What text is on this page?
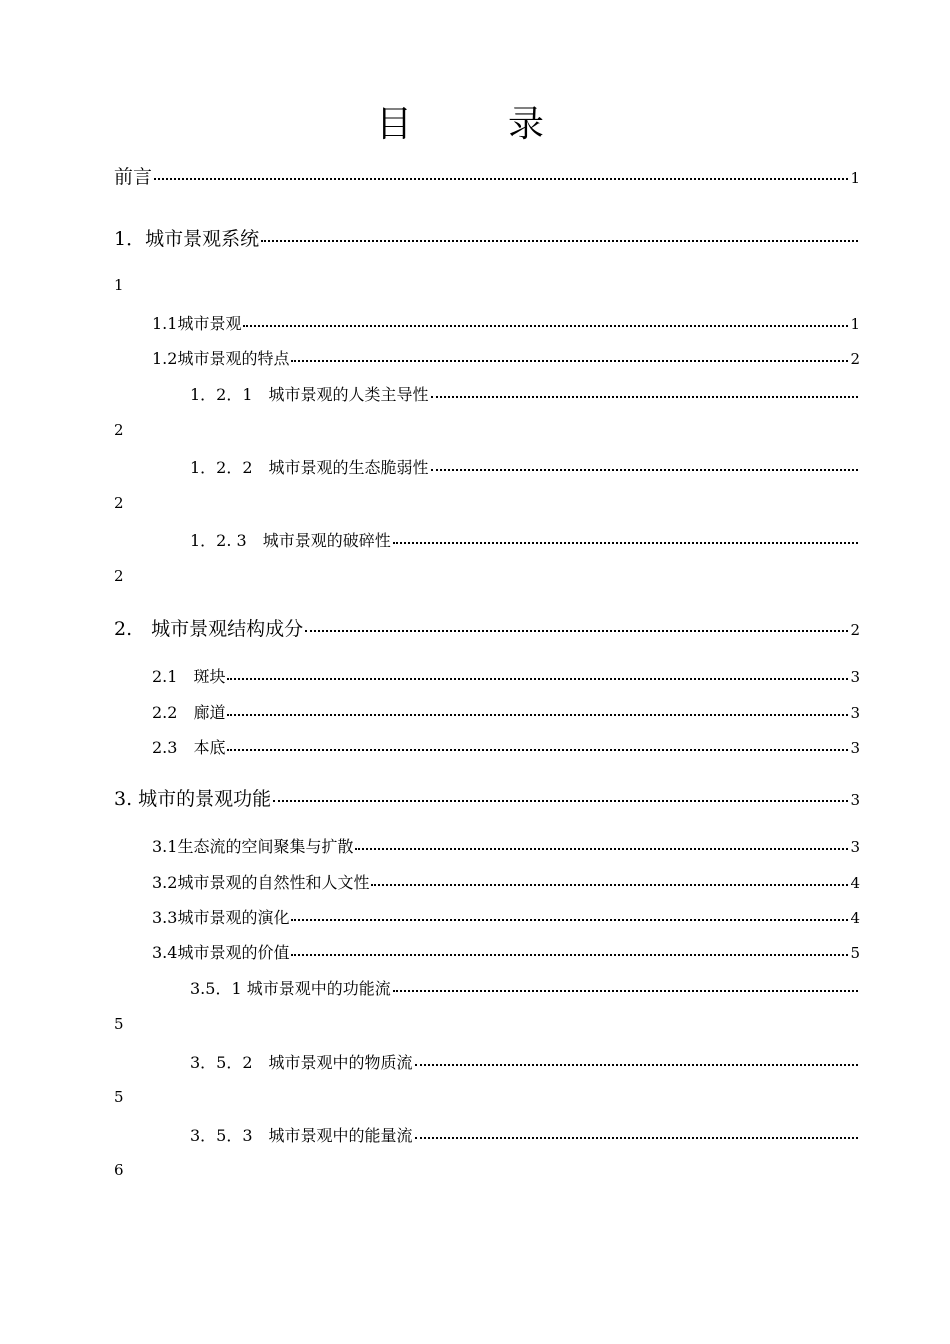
目　录
前言	1
1．城市景观系统
1
1.1城市景观	1
1.2城市景观的特点	2
1．2．1　城市景观的人类主导性
2
1．2．2　城市景观的生态脆弱性
2
1．2. 3　城市景观的破碎性
2
2.　城市景观结构成分	2
2.1　斑块	3
2.2　廊道	3
2.3　本底	3
3. 城市的景观功能	3
3.1生态流的空间聚集与扩散	3
3.2城市景观的自然性和人文性	4
3.3城市景观的演化	4
3.4城市景观的价值	5
3.5．1 城市景观中的功能流
5
3．5．2　城市景观中的物质流
5
3．5．3　城市景观中的能量流
6
